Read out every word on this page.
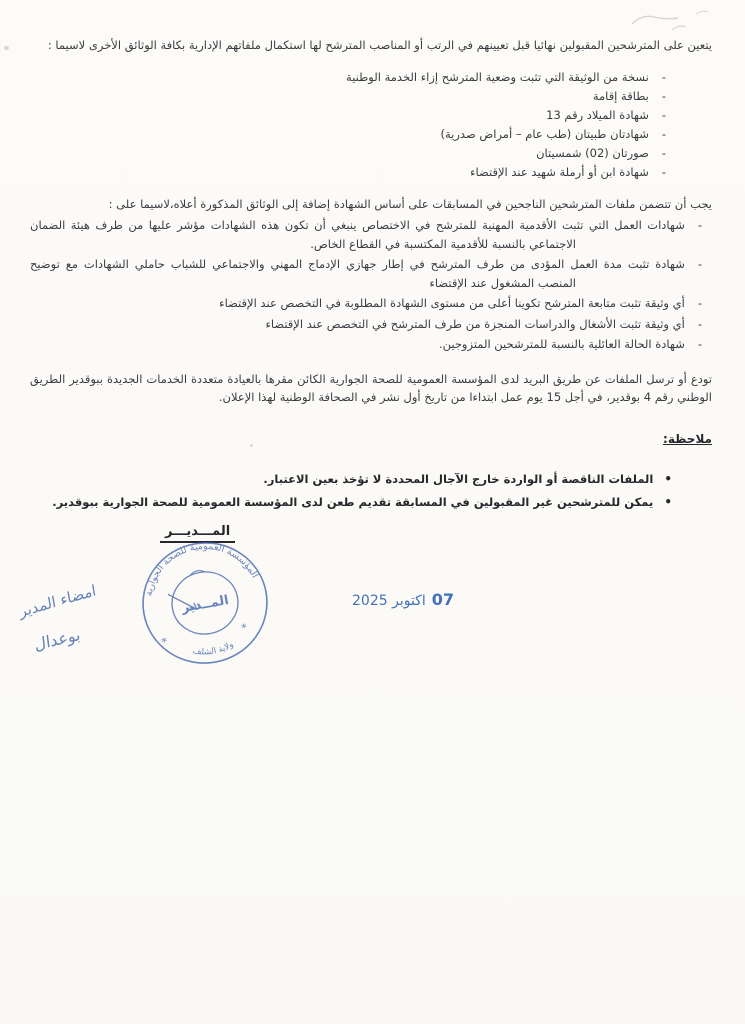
يتعين على المترشحين المقبولين نهائيا قبل تعيينهم في الرتب أو المناصب المترشح لها استكمال ملفاتهم الإدارية بكافة الوثائق الأخرى لاسيما :

- نسخة من الوثيقة التي تثبت وضعية المترشح إزاء الخدمة الوطنية
- بطاقة إقامة
- شهادة الميلاد رقم 13
- شهادتان طبيتان (طب عام – أمراض صدرية)
- صورتان (02) شمسيتان
- شهادة ابن أو أرملة شهيد عند الإقتضاء

يجب أن تتضمن ملفات المترشحين الناجحين في المسابقات على أساس الشهادة إضافة إلى الوثائق المذكورة أعلاه،لاسيما على :

- شهادات العمل التي تثبت الأقدمية المهنية للمترشح في الاختصاص ينبغي أن تكون هذه الشهادات مؤشر عليها من طرف هيئة الضمان الاجتماعي بالنسبة للأقدمية المكتسبة في القطاع الخاص.
- شهادة تثبت مدة العمل المؤدى من طرف المترشح في إطار جهازي الإدماج المهني والاجتماعي للشباب حاملي الشهادات مع توضيح المنصب المشغول عند الإقتضاء
- أي وثيقة تثبت متابعة المترشح تكوينا أعلى من مستوى الشهادة المطلوبة في التخصص عند الإقتضاء
- أي وثيقة تثبت الأشغال والدراسات المنجزة من طرف المترشح في التخصص عند الإقتضاء
- شهادة الحالة العائلية بالنسبة للمترشحين المتزوجين.

تودع أو ترسل الملفات عن طريق البريد لدى المؤسسة العمومية للصحة الجوارية الكائن مقرها بالعيادة متعددة الخدمات الجديدة ببوقدير الطريق الوطني رقم 4 بوقدير، في أجل 15 يوم عمل ابتداءا من تاريخ أول نشر في الصحافة الوطنية لهذا الإعلان.

ملاحظة:
• الملفات الناقصة أو الواردة خارج الآجال المحددة لا تؤخذ بعين الاعتبار.
• يمكن للمترشحين غير المقبولين في المسابقة تقديم طعن لدى المؤسسة العمومية للصحة الجوارية ببوقدير.
المـــديـــر
المؤسسة العمومية للصحة الجوارية
ولاية الشلف
*
*
المــدير
امضاء المدير
بوعدال
07اكتوبر 2025
